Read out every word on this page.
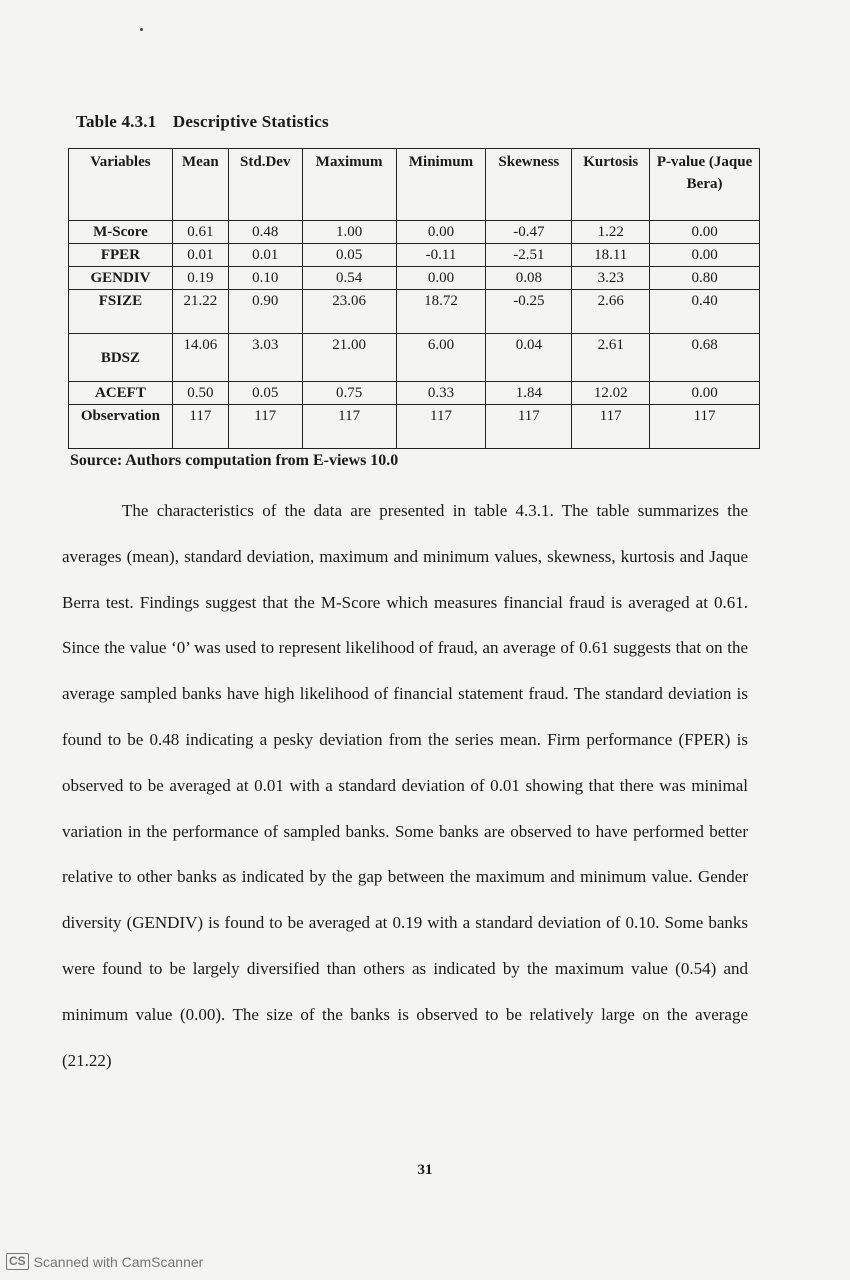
Table 4.3.1 Descriptive Statistics
Variables	Mean	Std.Dev	Maximum	Minimum	Skewness	Kurtosis	P-value (JaqueBera)

M-Score	0.61	0.48	1.00	0.00	-0.47	1.22	0.00
FPER	0.01	0.01	0.05	-0.11	-2.51	18.11	0.00
GENDIV	0.19	0.10	0.54	0.00	0.08	3.23	0.80
FSIZE	21.22	0.90	23.06	18.72	-0.25	2.66	0.40
BDSZ	14.06	3.03	21.00	6.00	0.04	2.61	0.68
ACEFT	0.50	0.05	0.75	0.33	1.84	12.02	0.00

Observation	117	117	117	117	117	117	117
Source: Authors computation from E-views 10.0

The characteristics of the data are presented in table 4.3.1. The table summarizes the averages (mean), standard deviation, maximum and minimum values, skewness, kurtosis and Jaque Berra test. Findings suggest that the M-Score which measures financial fraud is averaged at 0.61. Since the value ‘0’ was used to represent likelihood of fraud, an average of 0.61 suggests that on the average sampled banks have high likelihood of financial statement fraud. The standard deviation is found to be 0.48 indicating a pesky deviation from the series mean. Firm performance (FPER) is observed to be averaged at 0.01 with a standard deviation of 0.01 showing that there was minimal variation in the performance of sampled banks. Some banks are observed to have performed better relative to other banks as indicated by the gap between the maximum and minimum value. Gender diversity (GENDIV) is found to be averaged at 0.19 with a standard deviation of 0.10. Some banks were found to be largely diversified than others as indicated by the maximum value (0.54) and minimum value (0.00). The size of the banks is observed to be relatively large on the average (21.22)

31
CS Scanned with CamScanner
